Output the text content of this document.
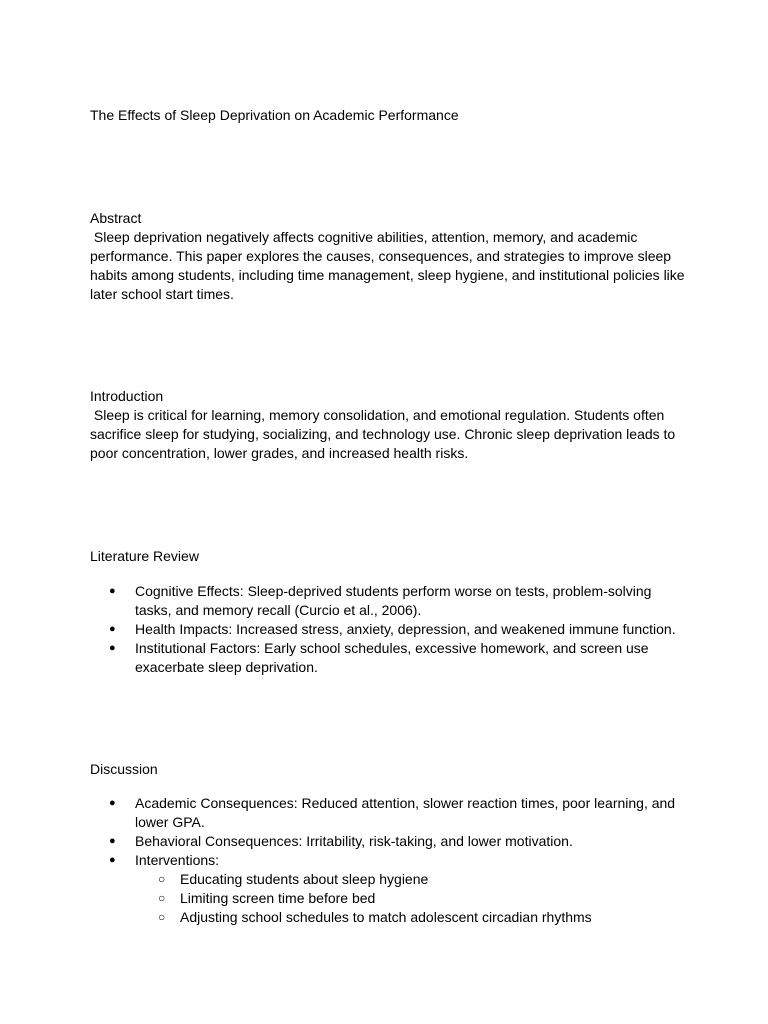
The Effects of Sleep Deprivation on Academic Performance
Abstract

Sleep deprivation negatively affects cognitive abilities, attention, memory, and academic performance. This paper explores the causes, consequences, and strategies to improve sleep habits among students, including time management, sleep hygiene, and institutional policies like later school start times.

Introduction

Sleep is critical for learning, memory consolidation, and emotional regulation. Students often sacrifice sleep for studying, socializing, and technology use. Chronic sleep deprivation leads to poor concentration, lower grades, and increased health risks.

Literature Review
● Cognitive Effects: Sleep-deprived students perform worse on tests, problem-solving tasks, and memory recall (Curcio et al., 2006).
● Health Impacts: Increased stress, anxiety, depression, and weakened immune function.
● Institutional Factors: Early school schedules, excessive homework, and screen use exacerbate sleep deprivation.
Discussion
● Academic Consequences: Reduced attention, slower reaction times, poor learning, and lower GPA.
● Behavioral Consequences: Irritability, risk-taking, and lower motivation.
● Interventions:
○ Educating students about sleep hygiene
○ Limiting screen time before bed
○ Adjusting school schedules to match adolescent circadian rhythms
